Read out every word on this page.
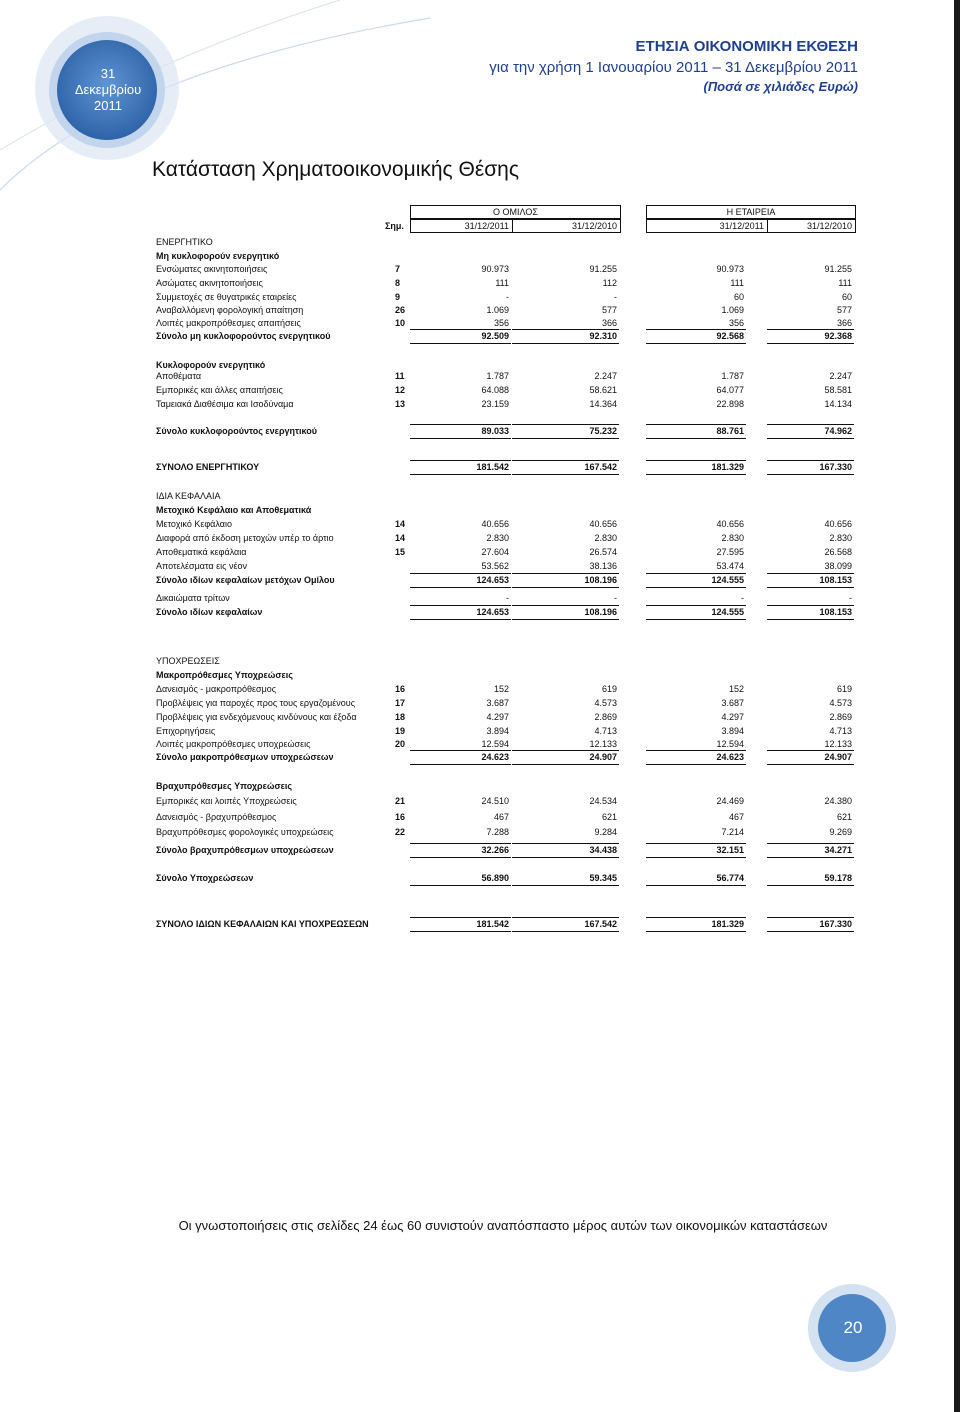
31
Δεκεμβρίου
2011
ΕΤΗΣΙΑ ΟΙΚΟΝΟΜΙΚΗ ΕΚΘΕΣΗ
για την χρήση 1 Ιανουαρίου 2011 – 31 Δεκεμβρίου 2011
(Ποσά σε χιλιάδες Ευρώ)
Κατάσταση Χρηματοοικονομικής Θέσης
Ο ΟΜΙΛΟΣ	Η ΕΤΑΙΡΕΙΑ
Σημ.	31/12/2011	31/12/2010	31/12/2011	31/12/2010
ΕΝΕΡΓΗΤΙΚΟ
Μη κυκλοφορούν ενεργητικό
Ενσώματες ακινητοποιήσεις	7	90.973	91.255	90.973	91.255
Ασώματες ακινητοποιήσεις	8	111	112	111	111
Συμμετοχές σε θυγατρικές εταιρείες	9	-	-	60	60
Αναβαλλόμενη φορολογική απαίτηση	26	1.069	577	1.069	577
Λοιπές μακροπρόθεσμες απαιτήσεις	10	356	366	356	366
Σύνολο μη κυκλοφορούντος ενεργητικού	92.509	92.310	92.568	92.368
Κυκλοφορούν ενεργητικό
Αποθέματα	11	1.787	2.247	1.787	2.247
Εμπορικές και άλλες απαιτήσεις	12	64.088	58.621	64.077	58.581
Ταμειακά Διαθέσιμα και Ισοδύναμα	13	23.159	14.364	22.898	14.134
Σύνολο κυκλοφορούντος ενεργητικού	89.033	75.232	88.761	74.962
ΣΥΝΟΛΟ ΕΝΕΡΓΗΤΙΚΟΥ	181.542	167.542	181.329	167.330
ΙΔΙΑ ΚΕΦΑΛΑΙΑ
Μετοχικό Κεφάλαιο και Αποθεματικά
Μετοχικό Κεφάλαιο	14	40.656	40.656	40.656	40.656
Διαφορά από έκδοση μετοχών υπέρ το άρτιο	14	2.830	2.830	2.830	2.830
Αποθεματικά κεφάλαια	15	27.604	26.574	27.595	26.568
Αποτελέσματα εις νέον	53.562	38.136	53.474	38.099
Σύνολο ιδίων κεφαλαίων μετόχων Ομίλου	124.653	108.196	124.555	108.153
Δικαιώματα τρίτων	-	-	-	-
Σύνολο ιδίων κεφαλαίων	124.653	108.196	124.555	108.153
ΥΠΟΧΡΕΩΣΕΙΣ
Μακροπρόθεσμες Υποχρεώσεις
Δανεισμός - μακροπρόθεσμος	16	152	619	152	619
Προβλέψεις για παροχές προς τους εργαζομένους	17	3.687	4.573	3.687	4.573
Προβλέψεις για ενδεχόμενους κινδύνους και έξοδα	18	4.297	2.869	4.297	2.869
Επιχορηγήσεις	19	3.894	4.713	3.894	4.713
Λοιπές μακροπρόθεσμες υποχρεώσεις	20	12.594	12.133	12.594	12.133
Σύνολο μακροπρόθεσμων υποχρεώσεων	24.623	24.907	24.623	24.907
Βραχυπρόθεσμες Υποχρεώσεις
Εμπορικές και λοιπές Υποχρεώσεις	21	24.510	24.534	24.469	24.380
Δανεισμός - βραχυπρόθεσμος	16	467	621	467	621
Βραχυπρόθεσμες φορολογικές υποχρεώσεις	22	7.288	9.284	7.214	9.269
Σύνολο βραχυπρόθεσμων υποχρεώσεων	32.266	34.438	32.151	34.271
Σύνολο Υποχρεώσεων	56.890	59.345	56.774	59.178
ΣΥΝΟΛΟ ΙΔΙΩΝ ΚΕΦΑΛΑΙΩΝ ΚΑΙ ΥΠΟΧΡΕΩΣΕΩΝ	181.542	167.542	181.329	167.330
Οι γνωστοποιήσεις στις σελίδες 24 έως 60 συνιστούν αναπόσπαστο μέρος αυτών των οικονομικών καταστάσεων
20
